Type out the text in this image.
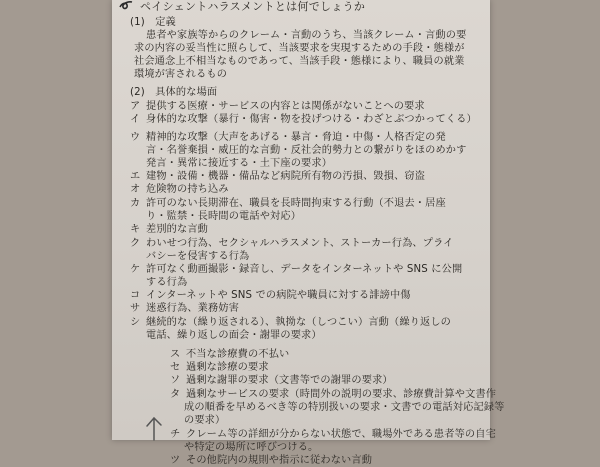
ペイシェントハラスメントとは何でしょうか
(1)　定義
患者や家族等からのクレーム・言動のうち、当該クレーム・言動の要
求の内容の妥当性に照らして、当該要求を実現するための手段・態様が
社会通念上不相当なものであって、当該手段・態様により、職員の就業
環境が害されるもの
(2)　具体的な場面
ア 提供する医療・サービスの内容とは関係がないことへの要求
イ 身体的な攻撃（暴行・傷害・物を投げつける・わざとぶつかってくる）
ウ 精神的な攻撃（大声をあげる・暴言・脅迫・中傷・人格否定の発
言・名誉棄損・威圧的な言動・反社会的勢力との繋がりをほのめかす
発言・異常に接近する・土下座の要求）
エ 建物・設備・機器・備品など病院所有物の汚損、毀損、窃盗
オ 危険物の持ち込み
カ 許可のない長期滞在、職員を長時間拘束する行動（不退去・居座
り・監禁・長時間の電話や対応）
キ 差別的な言動
ク わいせつ行為、セクシャルハラスメント、ストーカー行為、プライ
バシーを侵害する行為
ケ 許可なく動画撮影・録音し、データをインターネットや SNS に公開
する行為
コ インターネットや SNS での病院や職員に対する誹謗中傷
サ 迷惑行為、業務妨害
シ 継続的な（繰り返される）、執拗な（しつこい）言動（繰り返しの
電話、繰り返しの面会・謝罪の要求）
ス 不当な診療費の不払い
セ 過剰な診療の要求
ソ 過剰な謝罪の要求（文書等での謝罪の要求）
タ 過剰なサービスの要求（時間外の説明の要求、診療費計算や文書作
成の順番を早めるべき等の特別扱いの要求・文書での電話対応記録等
の要求）
チ クレーム等の詳細が分からない状態で、職場外である患者等の自宅
や特定の場所に呼びつける。
ツ その他院内の規則や指示に従わない言動
